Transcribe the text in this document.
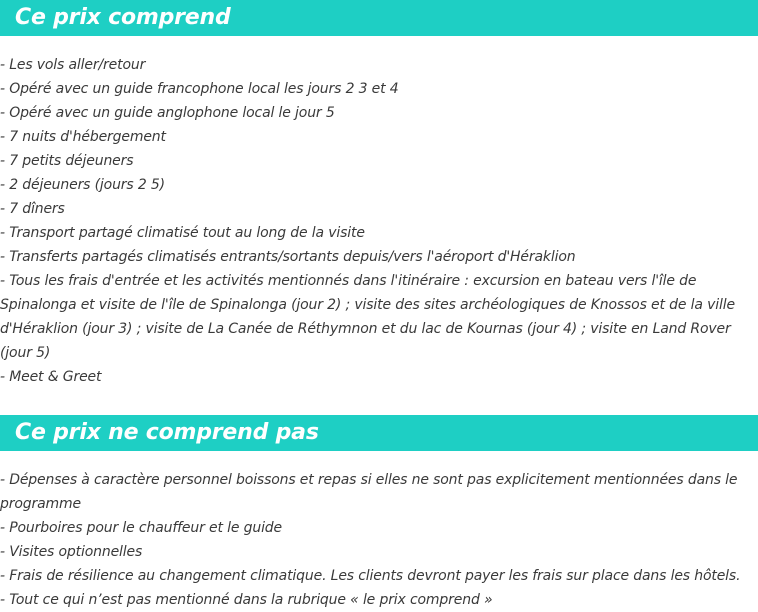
Ce prix comprend
- Les vols aller/retour
- Opéré avec un guide francophone local les jours 2 3 et 4
- Opéré avec un guide anglophone local le jour 5
- 7 nuits d'hébergement
- 7 petits déjeuners
- 2 déjeuners (jours 2 5)
- 7 dîners
- Transport partagé climatisé tout au long de la visite
- Transferts partagés climatisés entrants/sortants depuis/vers l'aéroport d'Héraklion
- Tous les frais d'entrée et les activités mentionnés dans l'itinéraire : excursion en bateau vers l'île de Spinalonga et visite de l'île de Spinalonga (jour 2) ; visite des sites archéologiques de Knossos et de la ville d'Héraklion (jour 3) ; visite de La Canée de Réthymnon et du lac de Kournas (jour 4) ; visite en Land Rover (jour 5)
- Meet & Greet
Ce prix ne comprend pas
- Dépenses à caractère personnel boissons et repas si elles ne sont pas explicitement mentionnées dans le programme
- Pourboires pour le chauffeur et le guide
- Visites optionnelles
- Frais de résilience au changement climatique. Les clients devront payer les frais sur place dans les hôtels.
- Tout ce qui n’est pas mentionné dans la rubrique « le prix comprend »
